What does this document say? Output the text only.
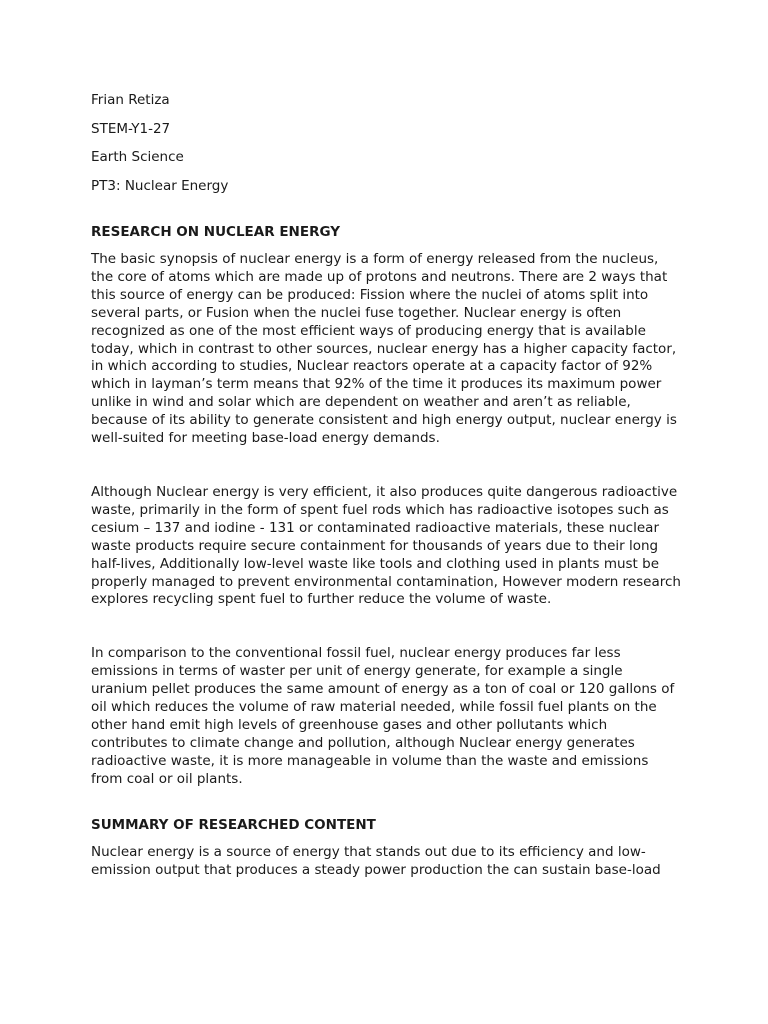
Frian Retiza
STEM-Y1-27
Earth Science
PT3: Nuclear Energy
RESEARCH ON NUCLEAR ENERGY

The basic synopsis of nuclear energy is a form of energy released from the nucleus, the core of atoms which are made up of protons and neutrons. There are 2 ways that this source of energy can be produced: Fission where the nuclei of atoms split into several parts, or Fusion when the nuclei fuse together. Nuclear energy is often recognized as one of the most efficient ways of producing energy that is available today, which in contrast to other sources, nuclear energy has a higher capacity factor, in which according to studies, Nuclear reactors operate at a capacity factor of 92% which in layman’s term means that 92% of the time it produces its maximum power unlike in wind and solar which are dependent on weather and aren’t as reliable, because of its ability to generate consistent and high energy output, nuclear energy is well-suited for meeting base-load energy demands.

Although Nuclear energy is very efficient, it also produces quite dangerous radioactive waste, primarily in the form of spent fuel rods which has radioactive isotopes such as cesium – 137 and iodine - 131 or contaminated radioactive materials, these nuclear waste products require secure containment for thousands of years due to their long half-lives, Additionally low-level waste like tools and clothing used in plants must be properly managed to prevent environmental contamination, However modern research explores recycling spent fuel to further reduce the volume of waste.

In comparison to the conventional fossil fuel, nuclear energy produces far less emissions in terms of waster per unit of energy generate, for example a single uranium pellet produces the same amount of energy as a ton of coal or 120 gallons of oil which reduces the volume of raw material needed, while fossil fuel plants on the other hand emit high levels of greenhouse gases and other pollutants which contributes to climate change and pollution, although Nuclear energy generates radioactive waste, it is more manageable in volume than the waste and emissions from coal or oil plants.

SUMMARY OF RESEARCHED CONTENT

Nuclear energy is a source of energy that stands out due to its efficiency and low-emission output that produces a steady power production the can sustain base-load
